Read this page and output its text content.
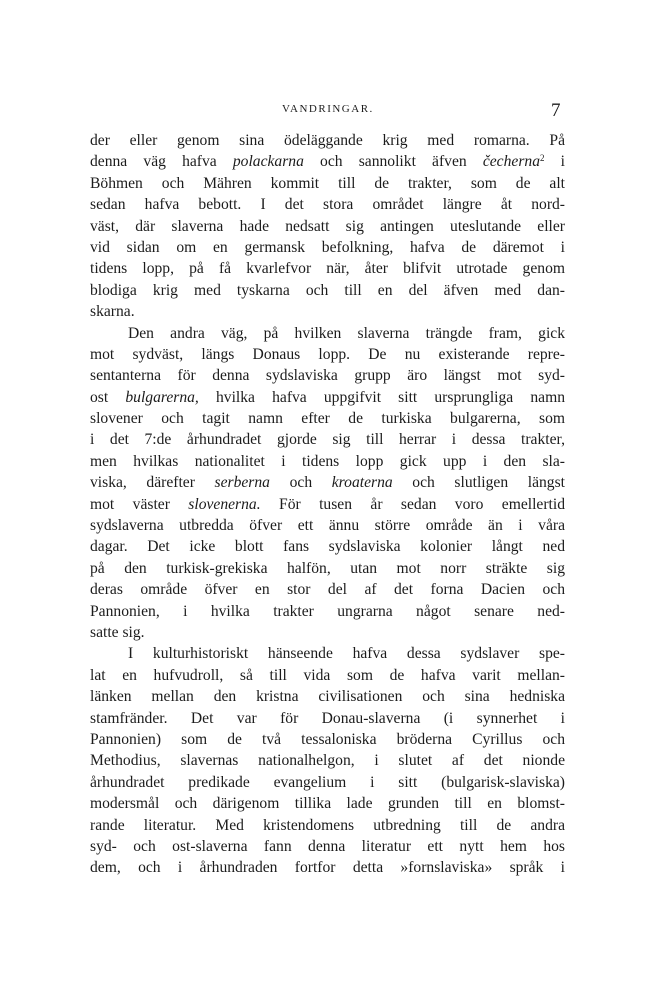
VANDRINGAR.	7
der eller genom sina ödeläggande krig med romarna. På
denna väg hafva polackarna och sannolikt äfven čecherna$^2$ i
Böhmen och Mähren kommit till de trakter, som de alt
sedan hafva bebott. I det stora området längre åt nord-
väst, där slaverna hade nedsatt sig antingen uteslutande eller
vid sidan om en germansk befolkning, hafva de däremot i
tidens lopp, på få kvarlefvor när, åter blifvit utrotade genom
blodiga krig med tyskarna och till en del äfven med dan-
skarna.
Den andra väg, på hvilken slaverna trängde fram, gick
mot sydväst, längs Donaus lopp. De nu existerande repre-
sentanterna för denna sydslaviska grupp äro längst mot syd-
ost bulgarerna, hvilka hafva uppgifvit sitt ursprungliga namn
slovener och tagit namn efter de turkiska bulgarerna, som
i det 7:de århundradet gjorde sig till herrar i dessa trakter,
men hvilkas nationalitet i tidens lopp gick upp i den sla-
viska, därefter serberna och kroaterna och slutligen längst
mot väster slovenerna. För tusen år sedan voro emellertid
sydslaverna utbredda öfver ett ännu större område än i våra
dagar. Det icke blott fans sydslaviska kolonier långt ned
på den turkisk-grekiska halfön, utan mot norr sträkte sig
deras område öfver en stor del af det forna Dacien och
Pannonien, i hvilka trakter ungrarna något senare ned-
satte sig.
I kulturhistoriskt hänseende hafva dessa sydslaver spe-
lat en hufvudroll, så till vida som de hafva varit mellan-
länken mellan den kristna civilisationen och sina hedniska
stamfränder. Det var för Donau-slaverna (i synnerhet i
Pannonien) som de två tessaloniska bröderna Cyrillus och
Methodius, slavernas nationalhelgon, i slutet af det nionde
århundradet predikade evangelium i sitt (bulgarisk-slaviska)
modersmål och därigenom tillika lade grunden till en blomst-
rande literatur. Med kristendomens utbredning till de andra
syd- och ost-slaverna fann denna literatur ett nytt hem hos
dem, och i århundraden fortfor detta »fornslaviska» språk i
